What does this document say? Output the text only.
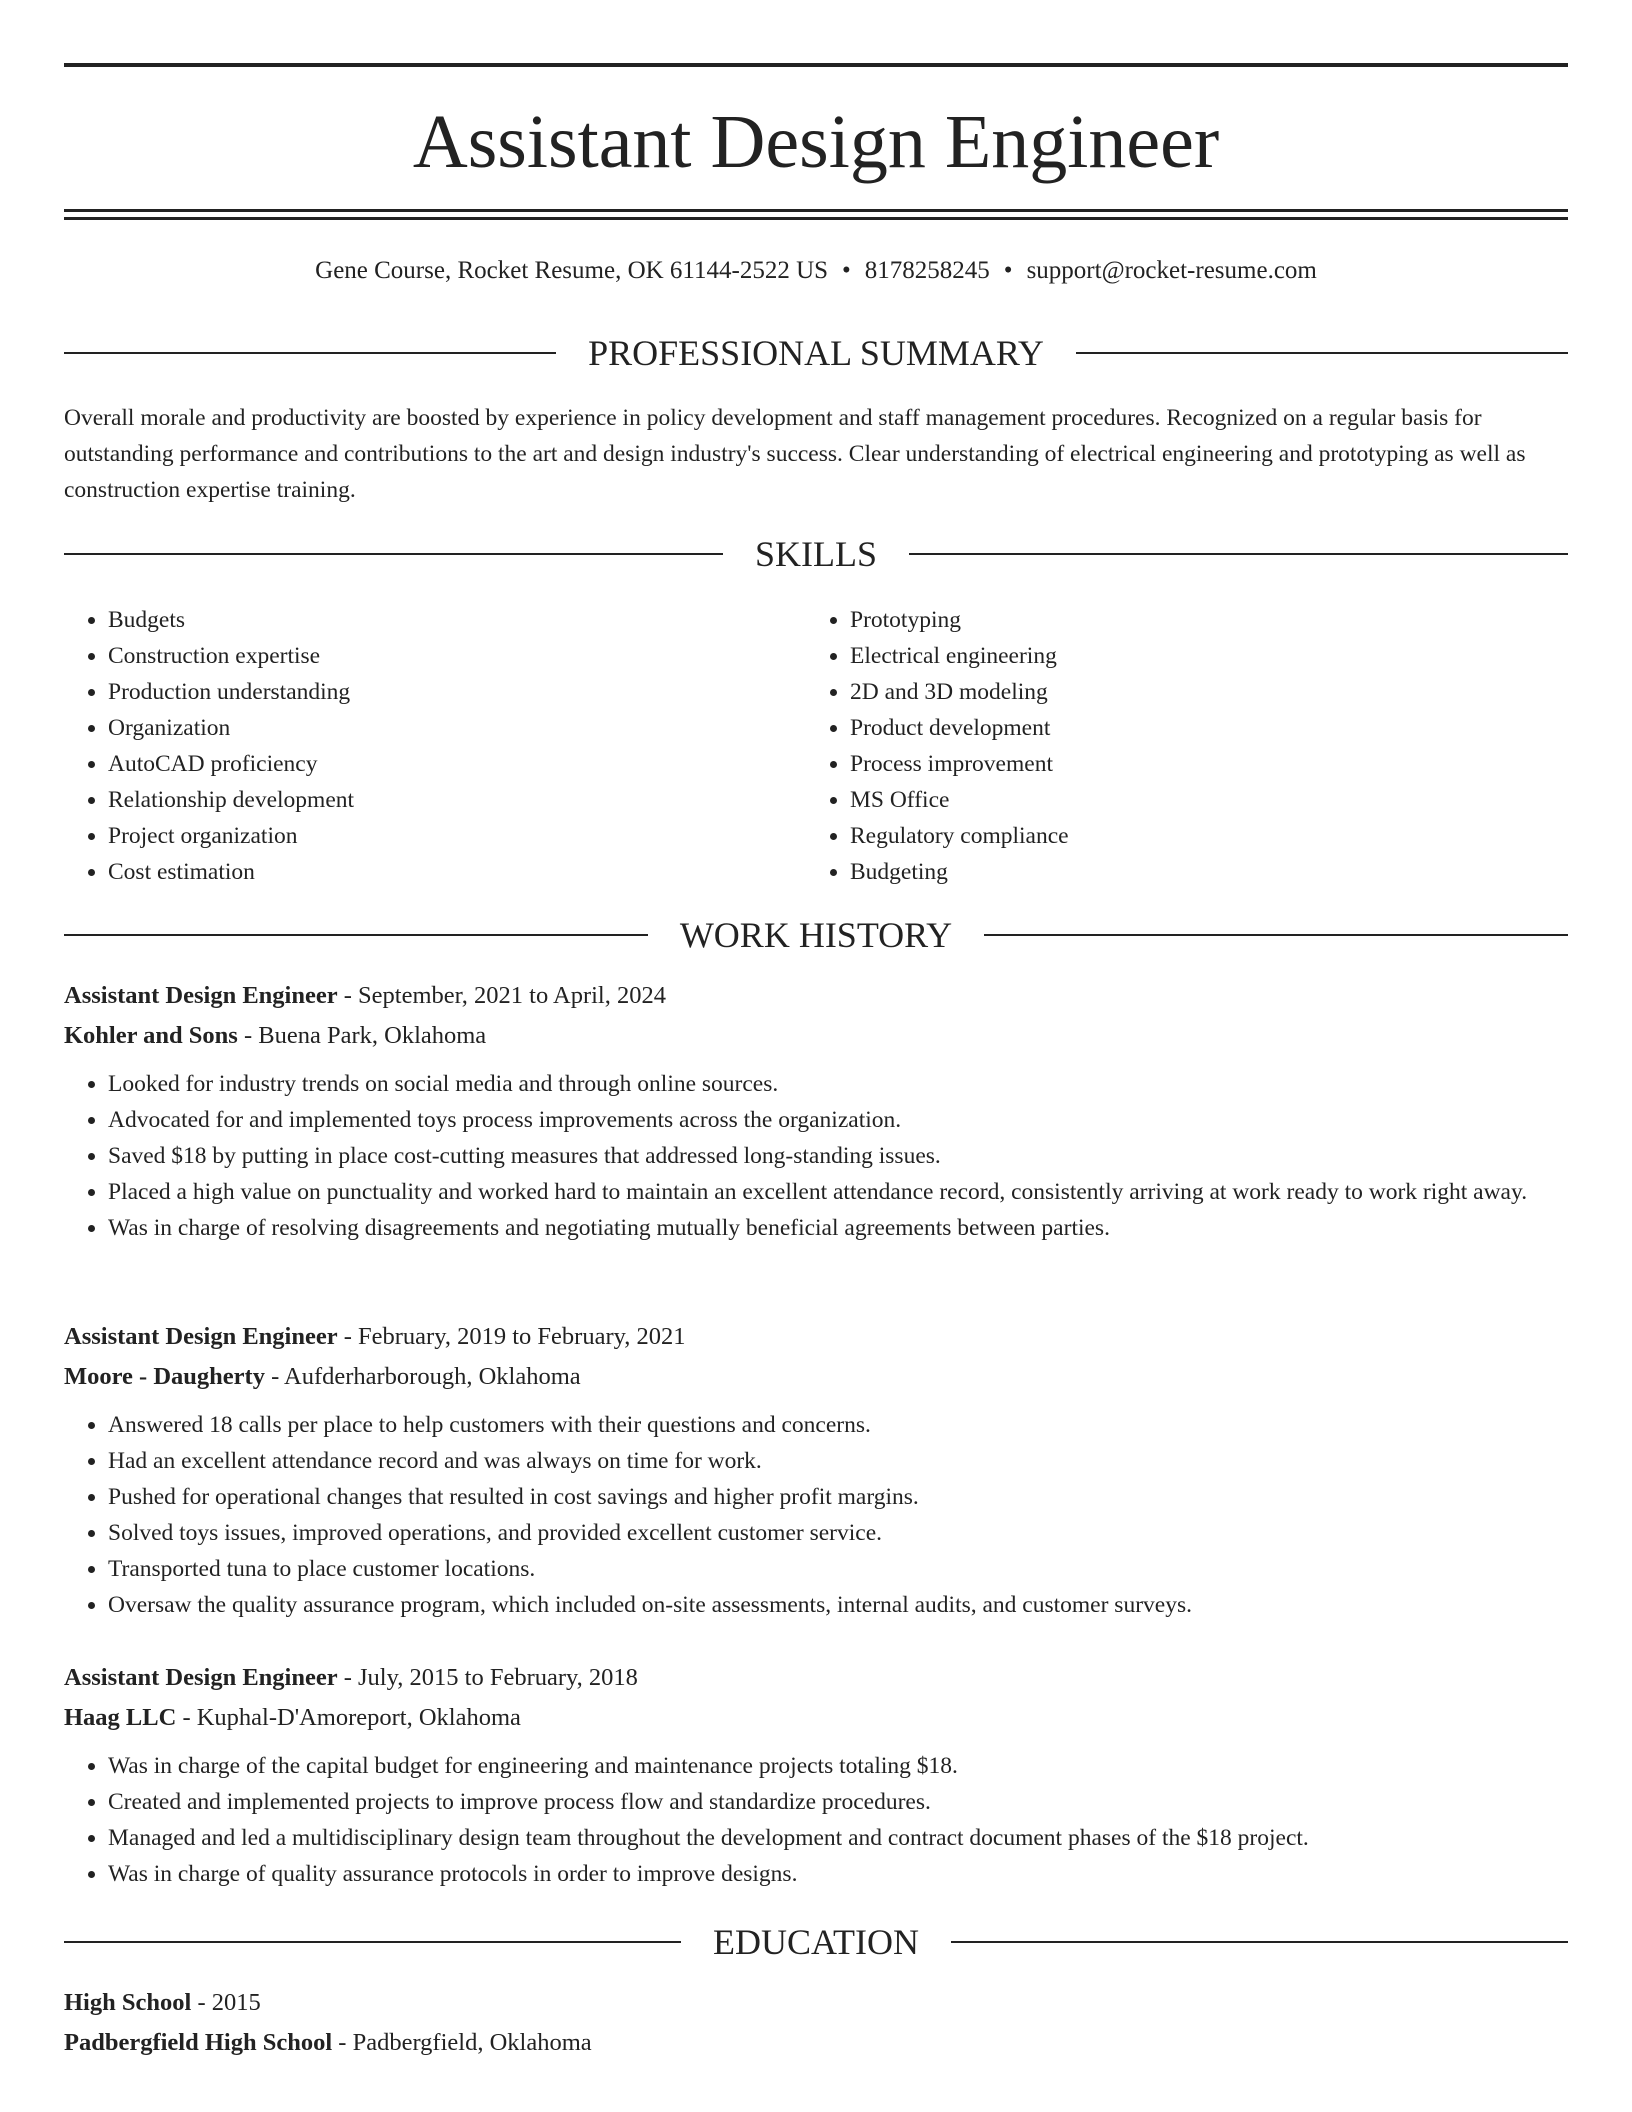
Assistant Design Engineer
Gene Course, Rocket Resume, OK 61144-2522 US • 8178258245 • support@rocket-resume.com
PROFESSIONAL SUMMARY

Overall morale and productivity are boosted by experience in policy development and staff management procedures. Recognized on a regular basis for outstanding performance and contributions to the art and design industry's success. Clear understanding of electrical engineering and prototyping as well as construction expertise training.

SKILLS
• Budgets
• Construction expertise
• Production understanding
• Organization
• AutoCAD proficiency
• Relationship development
• Project organization
• Cost estimation
• Prototyping
• Electrical engineering
• 2D and 3D modeling
• Product development
• Process improvement
• MS Office
• Regulatory compliance
• Budgeting
WORK HISTORY
Assistant Design Engineer - September, 2021 to April, 2024
Kohler and Sons - Buena Park, Oklahoma
• Looked for industry trends on social media and through online sources.
• Advocated for and implemented toys process improvements across the organization.
• Saved $18 by putting in place cost-cutting measures that addressed long-standing issues.
• Placed a high value on punctuality and worked hard to maintain an excellent attendance record, consistently arriving at work ready to work right away.
• Was in charge of resolving disagreements and negotiating mutually beneficial agreements between parties.
Assistant Design Engineer - February, 2019 to February, 2021
Moore - Daugherty - Aufderharborough, Oklahoma
• Answered 18 calls per place to help customers with their questions and concerns.
• Had an excellent attendance record and was always on time for work.
• Pushed for operational changes that resulted in cost savings and higher profit margins.
• Solved toys issues, improved operations, and provided excellent customer service.
• Transported tuna to place customer locations.
• Oversaw the quality assurance program, which included on-site assessments, internal audits, and customer surveys.
Assistant Design Engineer - July, 2015 to February, 2018
Haag LLC - Kuphal-D'Amoreport, Oklahoma
• Was in charge of the capital budget for engineering and maintenance projects totaling $18.
• Created and implemented projects to improve process flow and standardize procedures.
• Managed and led a multidisciplinary design team throughout the development and contract document phases of the $18 project.
• Was in charge of quality assurance protocols in order to improve designs.
EDUCATION
High School - 2015
Padbergfield High School - Padbergfield, Oklahoma
